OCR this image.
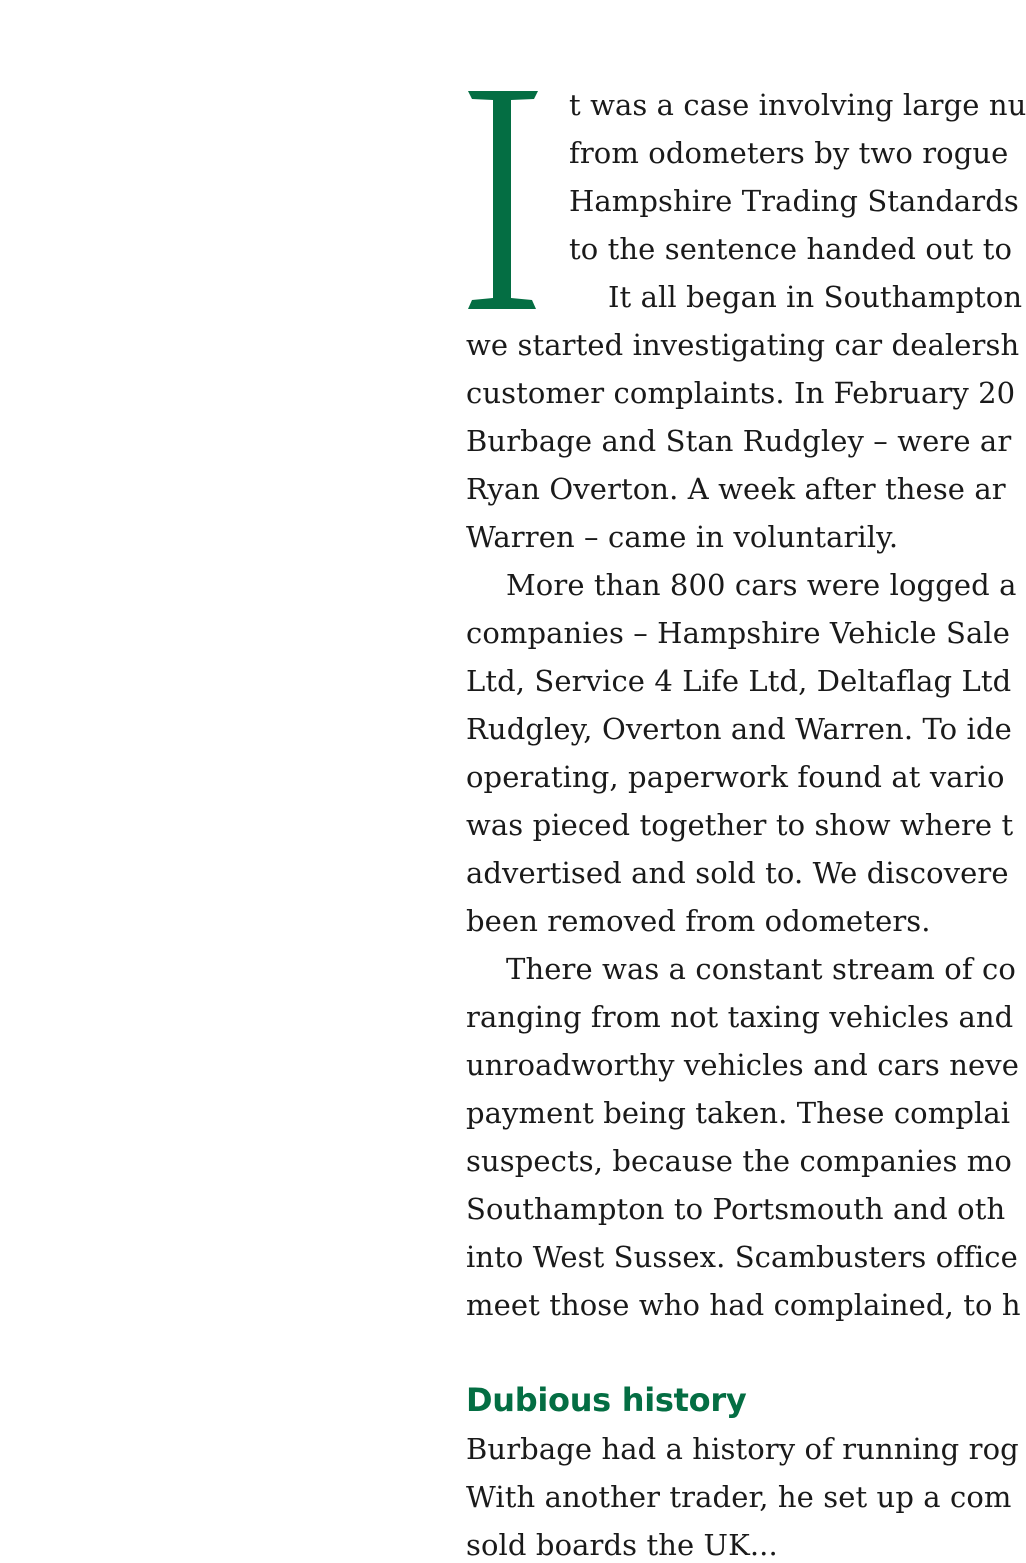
t was a case involving large nu
from odometers by two rogue
Hampshire Trading Standards
to the sentence handed out to
It all began in Southampton
we started investigating car dealersh
customer complaints. In February 20
Burbage and Stan Rudgley – were ar
Ryan Overton. A week after these ar
Warren – came in voluntarily.
More than 800 cars were logged a
companies – Hampshire Vehicle Sale
Ltd, Service 4 Life Ltd, Deltaflag Ltd
Rudgley, Overton and Warren. To ide
operating, paperwork found at vario
was pieced together to show where t
advertised and sold to. We discovere
been removed from odometers.
There was a constant stream of co
ranging from not taxing vehicles and
unroadworthy vehicles and cars neve
payment being taken. These complai
suspects, because the companies mo
Southampton to Portsmouth and oth
into West Sussex. Scambusters office
meet those who had complained, to h
Dubious history
Burbage had a history of running rog
With another trader, he set up a com
sold boards the UK...
